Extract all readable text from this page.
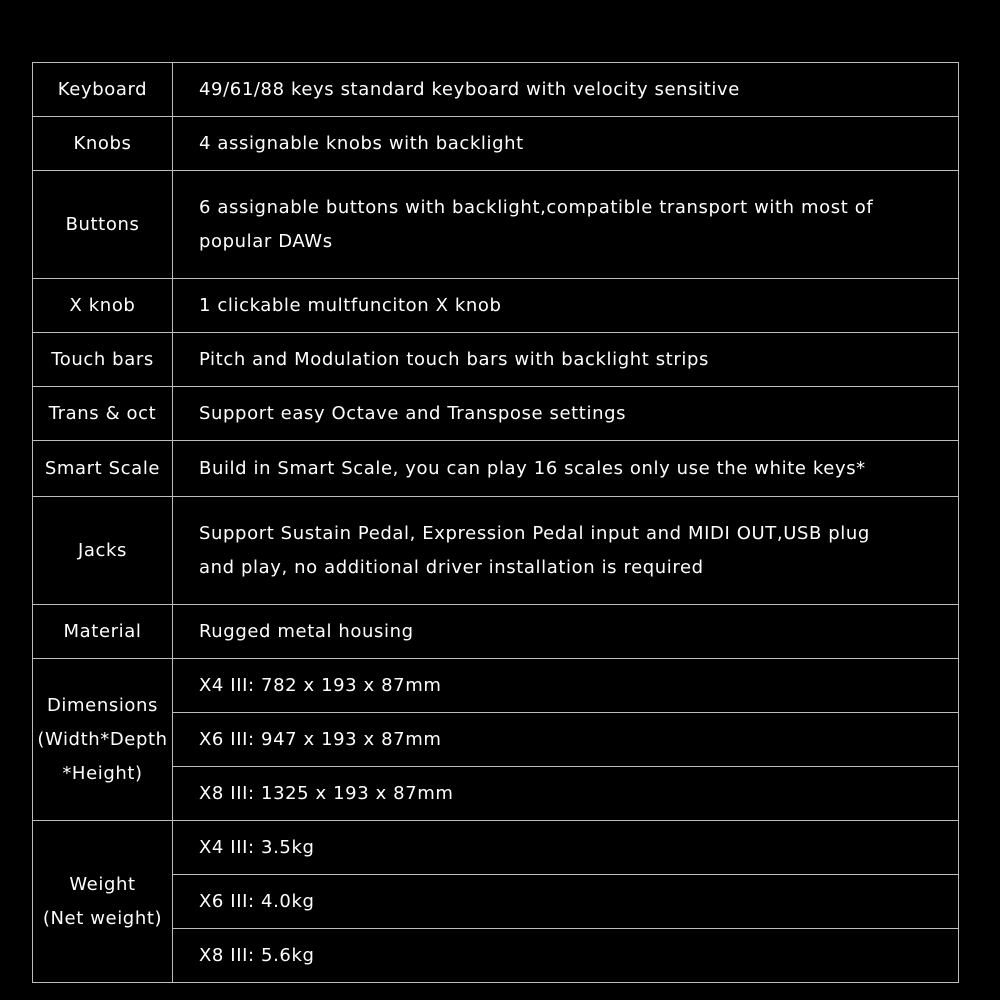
Keyboard	49/61/88 keys standard keyboard with velocity sensitive

Knobs	4 assignable knobs with backlight

Buttons	6 assignable buttons with backlight,compatible transport with most of
popular DAWs

X knob	1 clickable multfunciton X knob

Touch bars	Pitch and Modulation touch bars with backlight strips

Trans & oct	Support easy Octave and Transpose settings

Smart Scale	Build in Smart Scale, you can play 16 scales only use the white keys*

Jacks	Support Sustain Pedal, Expression Pedal input and MIDI OUT,USB plug
and play, no additional driver installation is required

Material	Rugged metal housing

Dimensions
(Width*Depth
*Height)	X4 III: 782 x 193 x 87mm

	X6 III: 947 x 193 x 87mm

	X8 III: 1325 x 193 x 87mm

Weight
(Net weight)	X4 III: 3.5kg

	X6 III: 4.0kg

	X8 III: 5.6kg
